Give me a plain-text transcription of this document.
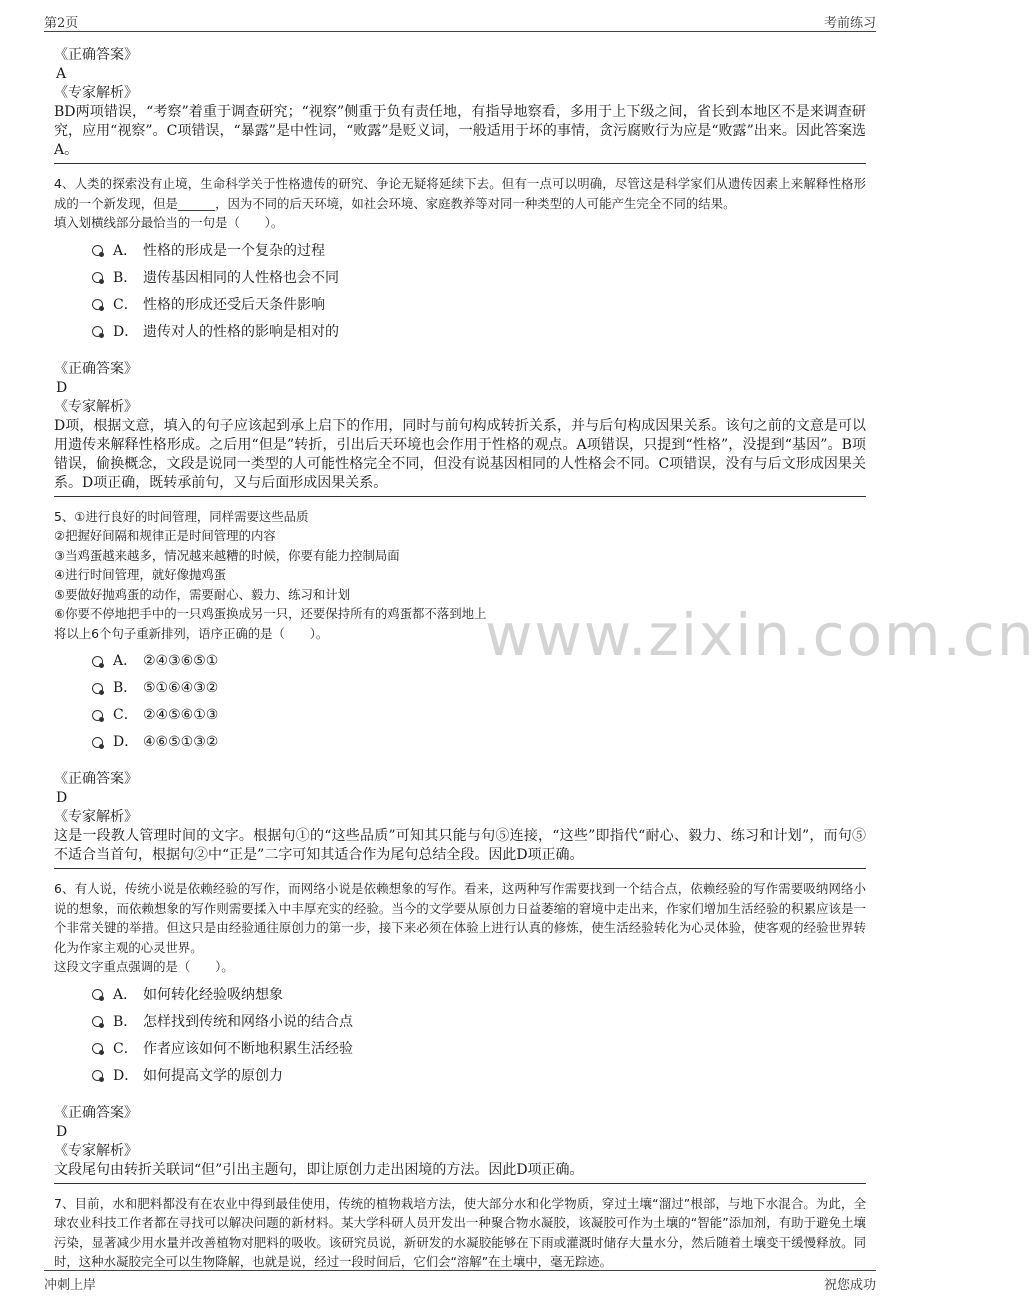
第2页	考前练习
www.zixin.com.cn

《正确答案》

A

《专家解析》

BD两项错误，“考察”着重于调查研究；“视察”侧重于负有责任地，有指导地察看，多用于上下级之间，省长到本地区不是来调查研究，应用“视察”。C项错误，“暴露”是中性词，“败露”是贬义词，一般适用于坏的事情，贪污腐败行为应是“败露”出来。因此答案选A。

4、人类的探索没有止境，生命科学关于性格遗传的研究、争论无疑将延续下去。但有一点可以明确，尽管这是科学家们从遗传因素上来解释性格形成的一个新发现，但是______，因为不同的后天环境，如社会环境、家庭教养等对同一种类型的人可能产生完全不同的结果。

填入划横线部分最恰当的一句是（　　）。

A． 性格的形成是一个复杂的过程
B． 遗传基因相同的人性格也会不同
C． 性格的形成还受后天条件影响
D． 遗传对人的性格的影响是相对的

《正确答案》

D

《专家解析》

D项，根据文意，填入的句子应该起到承上启下的作用，同时与前句构成转折关系，并与后句构成因果关系。该句之前的文意是可以用遗传来解释性格形成。之后用“但是”转折，引出后天环境也会作用于性格的观点。A项错误，只提到“性格”，没提到“基因”。B项错误，偷换概念，文段是说同一类型的人可能性格完全不同，但没有说基因相同的人性格会不同。C项错误，没有与后文形成因果关系。D项正确，既转承前句，又与后面形成因果关系。

5、①进行良好的时间管理，同样需要这些品质

②把握好间隔和规律正是时间管理的内容

③当鸡蛋越来越多，情况越来越糟的时候，你要有能力控制局面

④进行时间管理，就好像抛鸡蛋

⑤要做好抛鸡蛋的动作，需要耐心、毅力、练习和计划

⑥你要不停地把手中的一只鸡蛋换成另一只，还要保持所有的鸡蛋都不落到地上

将以上6个句子重新排列，语序正确的是（　　）。

A． ②④③⑥⑤①
B． ⑤①⑥④③②
C． ②④⑤⑥①③
D． ④⑥⑤①③②

《正确答案》

D

《专家解析》

这是一段教人管理时间的文字。根据句①的“这些品质”可知其只能与句⑤连接，“这些”即指代“耐心、毅力、练习和计划”，而句⑤不适合当首句，根据句②中“正是”二字可知其适合作为尾句总结全段。因此D项正确。

6、有人说，传统小说是依赖经验的写作，而网络小说是依赖想象的写作。看来，这两种写作需要找到一个结合点，依赖经验的写作需要吸纳网络小说的想象，而依赖想象的写作则需要揉入中丰厚充实的经验。当今的文学要从原创力日益萎缩的窘境中走出来，作家们增加生活经验的积累应该是一个非常关键的举措。但这只是由经验通往原创力的第一步，接下来必须在体验上进行认真的修炼，使生活经验转化为心灵体验，使客观的经验世界转化为作家主观的心灵世界。

这段文字重点强调的是（　　）。

A． 如何转化经验吸纳想象
B． 怎样找到传统和网络小说的结合点
C． 作者应该如何不断地积累生活经验
D． 如何提高文学的原创力

《正确答案》

D

《专家解析》

文段尾句由转折关联词“但”引出主题句，即让原创力走出困境的方法。因此D项正确。

7、目前，水和肥料都没有在农业中得到最佳使用，传统的植物栽培方法，使大部分水和化学物质，穿过土壤“溜过”根部，与地下水混合。为此，全球农业科技工作者都在寻找可以解决问题的新材料。某大学科研人员开发出一种聚合物水凝胶，该凝胶可作为土壤的“智能”添加剂，有助于避免土壤污染，显著减少用水量并改善植物对肥料的吸收。该研究员说，新研发的水凝胶能够在下雨或灌溉时储存大量水分，然后随着土壤变干缓慢释放。同时，这种水凝胶完全可以生物降解，也就是说，经过一段时间后，它们会“溶解”在土壤中，毫无踪迹。

冲刺上岸	祝您成功
